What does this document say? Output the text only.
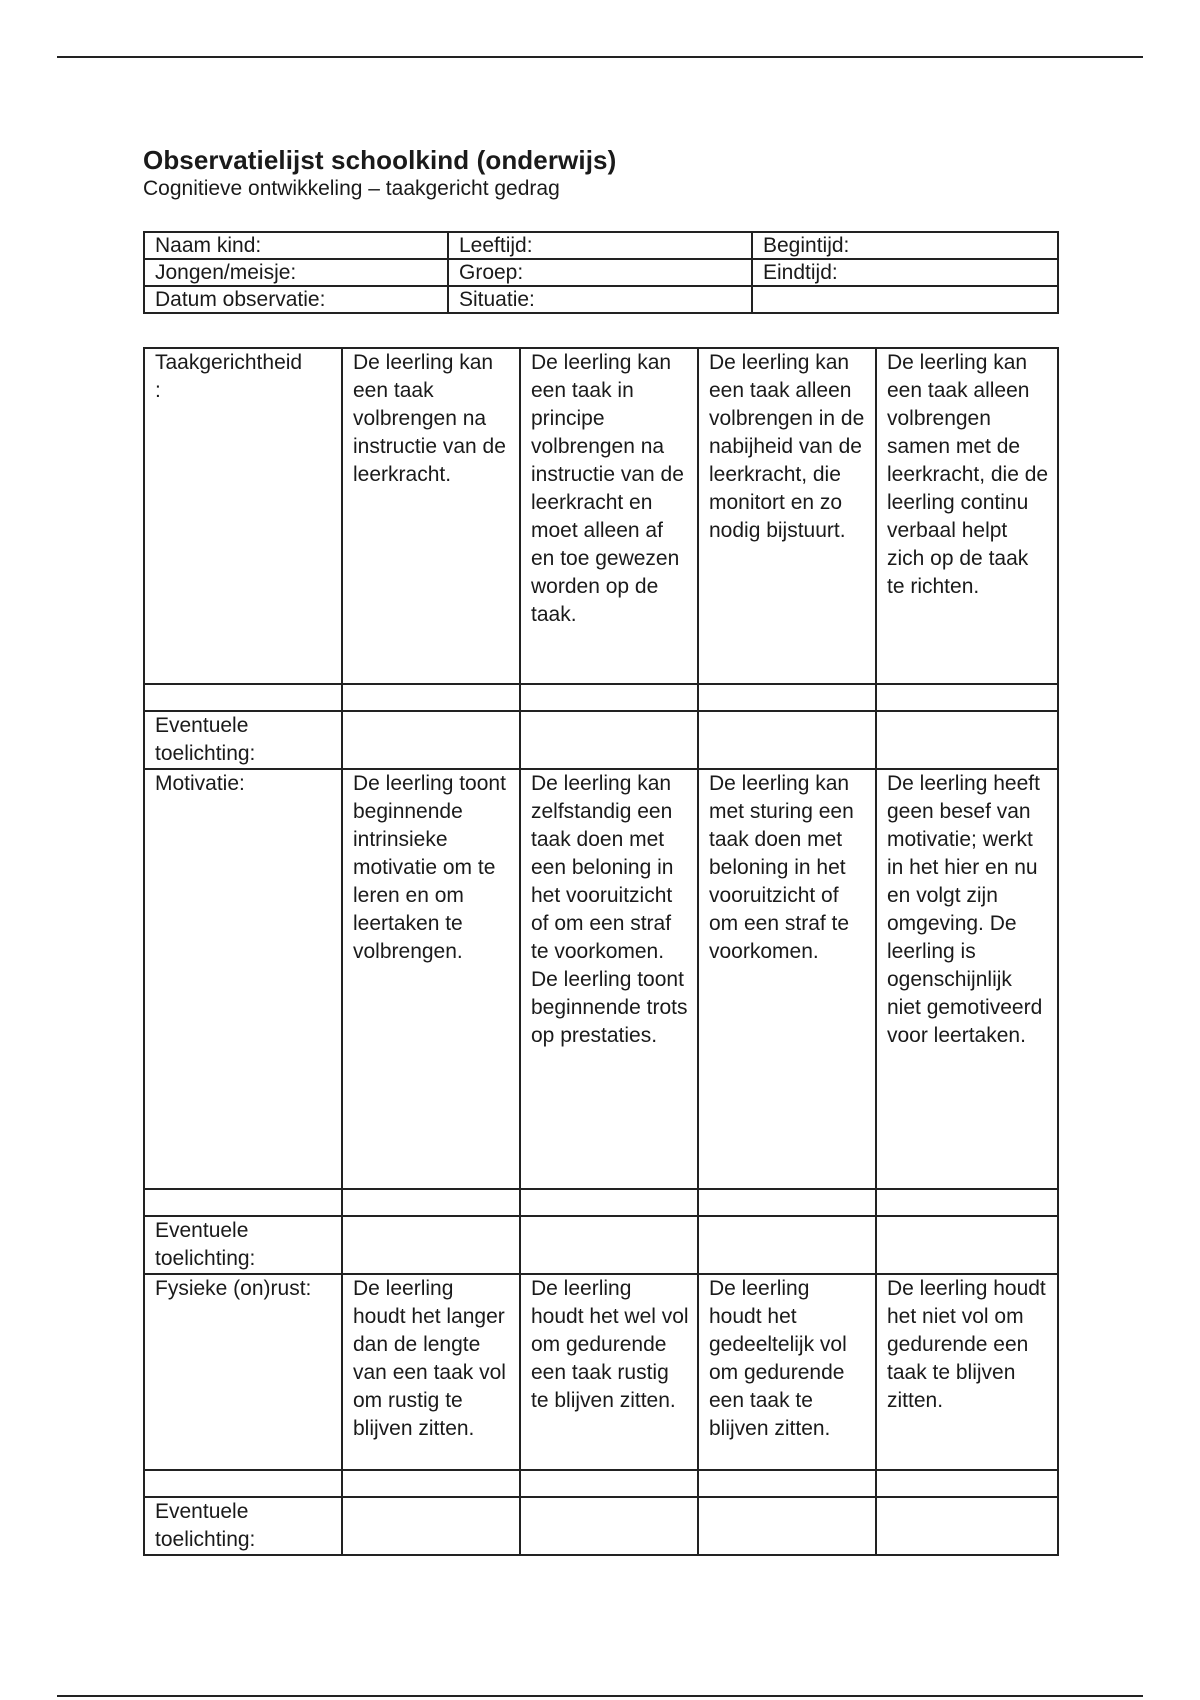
Observatielijst schoolkind (onderwijs)
Cognitieve ontwikkeling – taakgericht gedrag
Naam kind:	Leeftijd:	Begintijd:
Jongen/meisje:	Groep:	Eindtijd:
Datum observatie:	Situatie:	
Taakgerichtheid
:	De leerling kan een taak volbrengen na instructie van de leerkracht.	De leerling kan een taak in principe volbrengen na instructie van de leerkracht en moet alleen af en toe gewezen worden op de taak.	De leerling kan een taak alleen volbrengen in de nabijheid van de leerkracht, die monitort en zo nodig bijstuurt.	De leerling kan een taak alleen volbrengen samen met de leerkracht, die de leerling continu verbaal helpt zich op de taak te richten.

Eventuele toelichting:				
Motivatie:	De leerling toont beginnende intrinsieke motivatie om te leren en om leertaken te volbrengen.	De leerling kan zelfstandig een taak doen met een beloning in het vooruitzicht of om een straf te voorkomen. De leerling toont beginnende trots op prestaties.	De leerling kan met sturing een taak doen met beloning in het vooruitzicht of om een straf te voorkomen.	De leerling heeft geen besef van motivatie; werkt in het hier en nu en volgt zijn omgeving. De leerling is ogenschijnlijk niet gemotiveerd voor leertaken.

Eventuele toelichting:				
Fysieke (on)rust:	De leerling houdt het langer dan de lengte van een taak vol om rustig te blijven zitten.	De leerling houdt het wel vol om gedurende een taak rustig te blijven zitten.	De leerling houdt het gedeeltelijk vol om gedurende een taak te blijven zitten.	De leerling houdt het niet vol om gedurende een taak te blijven zitten.

Eventuele toelichting:				
